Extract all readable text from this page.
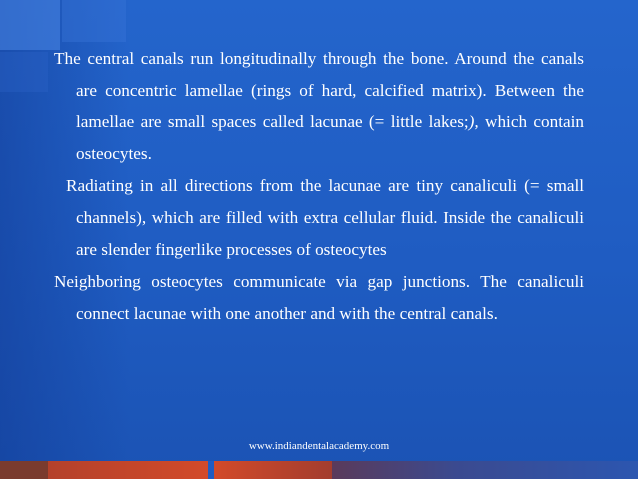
The central canals run longitudinally through the bone. Around the canals are concentric lamellae (rings of hard, calcified matrix). Between the lamellae are small spaces called lacunae (= little lakes;), which contain osteocytes.

Radiating in all directions from the lacunae are tiny canaliculi (= small channels), which are filled with extra cellular fluid. Inside the canaliculi are slender fingerlike processes of osteocytes

Neighboring osteocytes communicate via gap junctions. The canaliculi connect lacunae with one another and with the central canals.

www.indiandentalacademy.com
